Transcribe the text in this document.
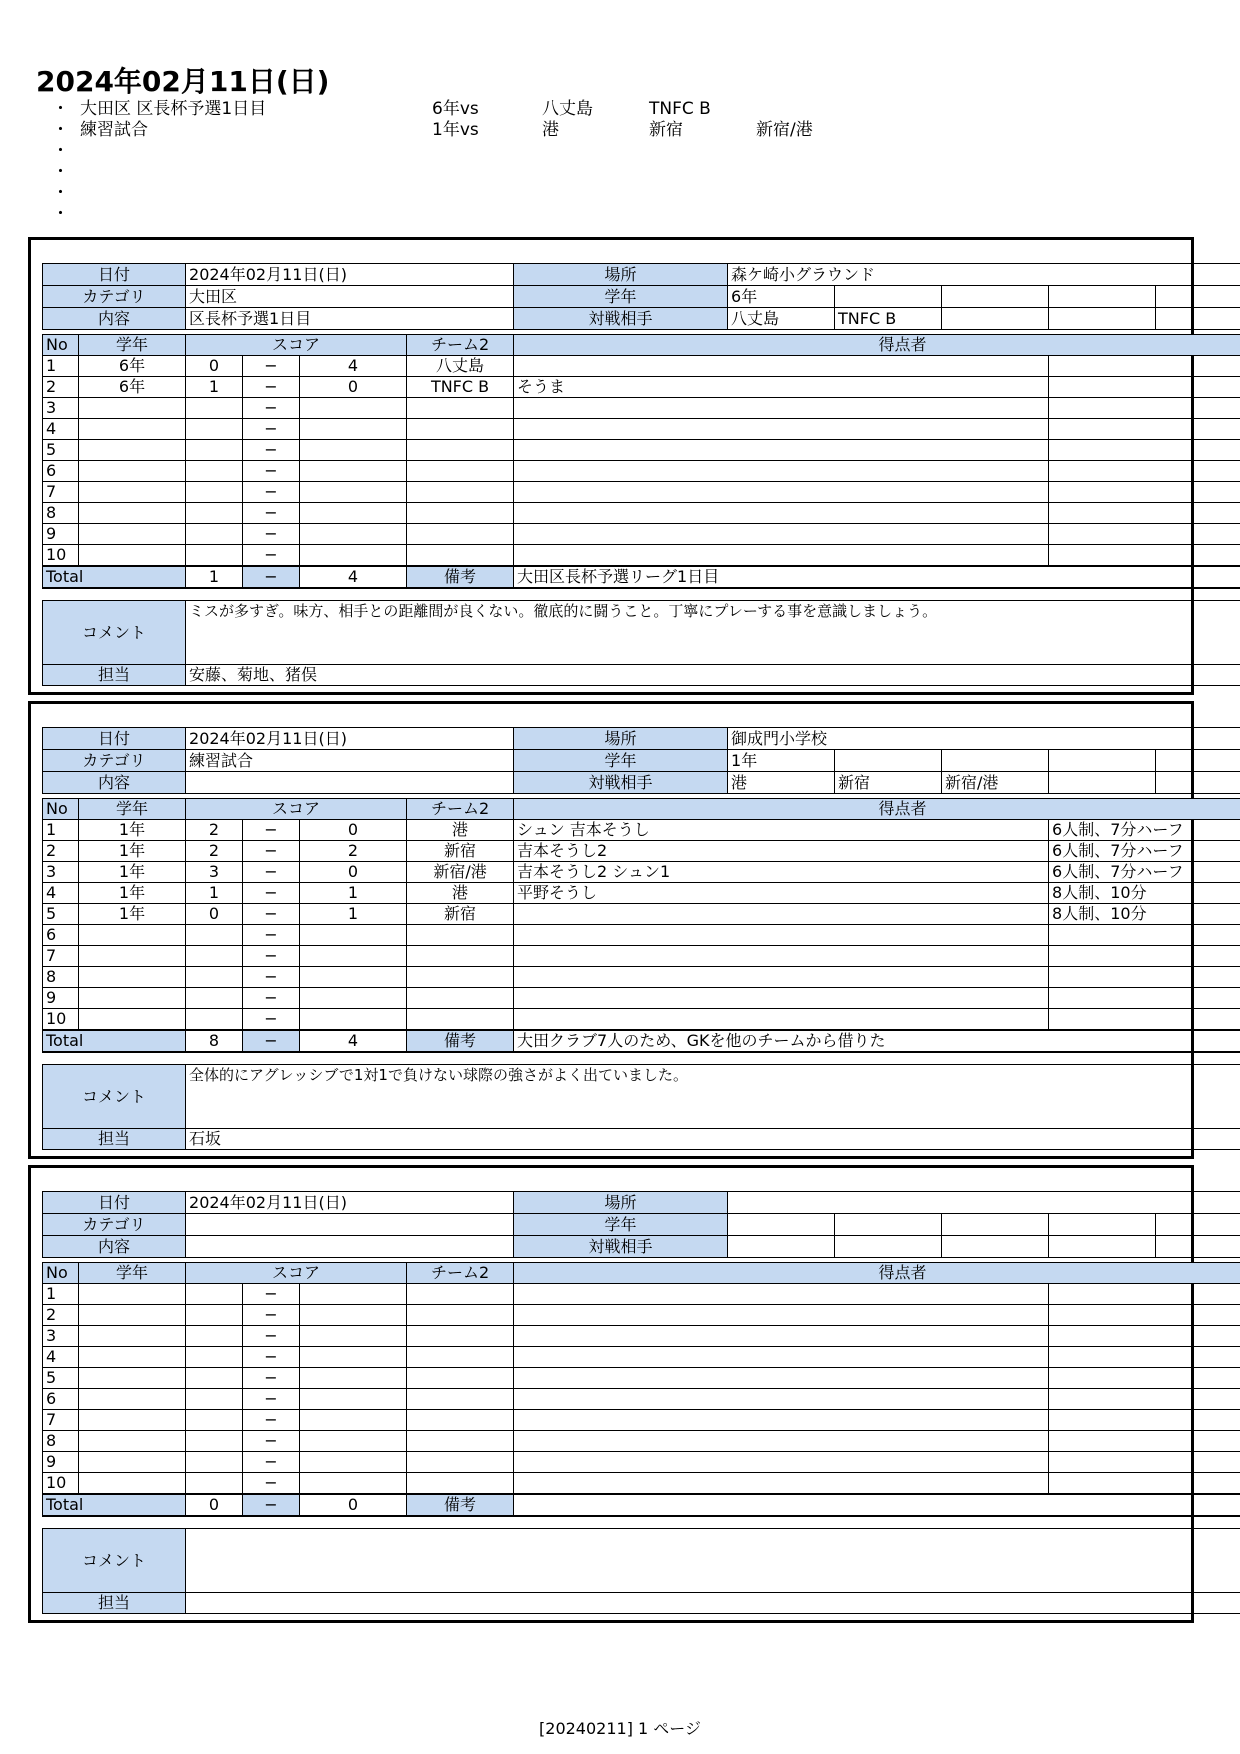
2024年02月11日(日)
・ 大田区 区長杯予選1日目	6年vs	八丈島	TNFC B
・ 練習試合	1年vs	港	新宿	新宿/港
・
・
・
・
日付	2024年02月11日(日)	場所	森ケ崎小グラウンド				
カテゴリ	大田区	学年	6年				
内容	区長杯予選1日目	対戦相手	八丈島	TNFC B			
No	学年	スコア			チーム2	得点者	
1	6年	0	−	4	八丈島		
2	6年	1	−	0	TNFC B	そうま	
3			−				
4			−				
5			−				
6			−				
7			−				
8			−				
9			−				
10			−				
Total		1	−	4	備考	大田区長杯予選リーグ1日目	
コメント	ミスが多すぎ。味方、相手との距離間が良くない。徹底的に闘うこと。丁寧にプレーする事を意識しましょう。
担当	安藤、菊地、猪俣
日付	2024年02月11日(日)	場所	御成門小学校				
カテゴリ	練習試合	学年	1年				
内容		対戦相手	港	新宿	新宿/港		
No	学年	スコア			チーム2	得点者	
1	1年	2	−	0	港	シュン 吉本そうし	6人制、7分ハーフ
2	1年	2	−	2	新宿	吉本そうし2	6人制、7分ハーフ
3	1年	3	−	0	新宿/港	吉本そうし2 シュン1	6人制、7分ハーフ
4	1年	1	−	1	港	平野そうし	8人制、10分
5	1年	0	−	1	新宿		8人制、10分
6			−				
7			−				
8			−				
9			−				
10			−				
Total		8	−	4	備考	大田クラブ7人のため、GKを他のチームから借りた	
コメント	全体的にアグレッシブで1対1で負けない球際の強さがよく出ていました。
担当	石坂
日付	2024年02月11日(日)	場所					
カテゴリ		学年					
内容		対戦相手					
No	学年	スコア			チーム2	得点者	
1			−				
2			−				
3			−				
4			−				
5			−				
6			−				
7			−				
8			−				
9			−				
10			−				
Total		0	−	0	備考		
コメント	
担当	
[20240211] 1 ページ
